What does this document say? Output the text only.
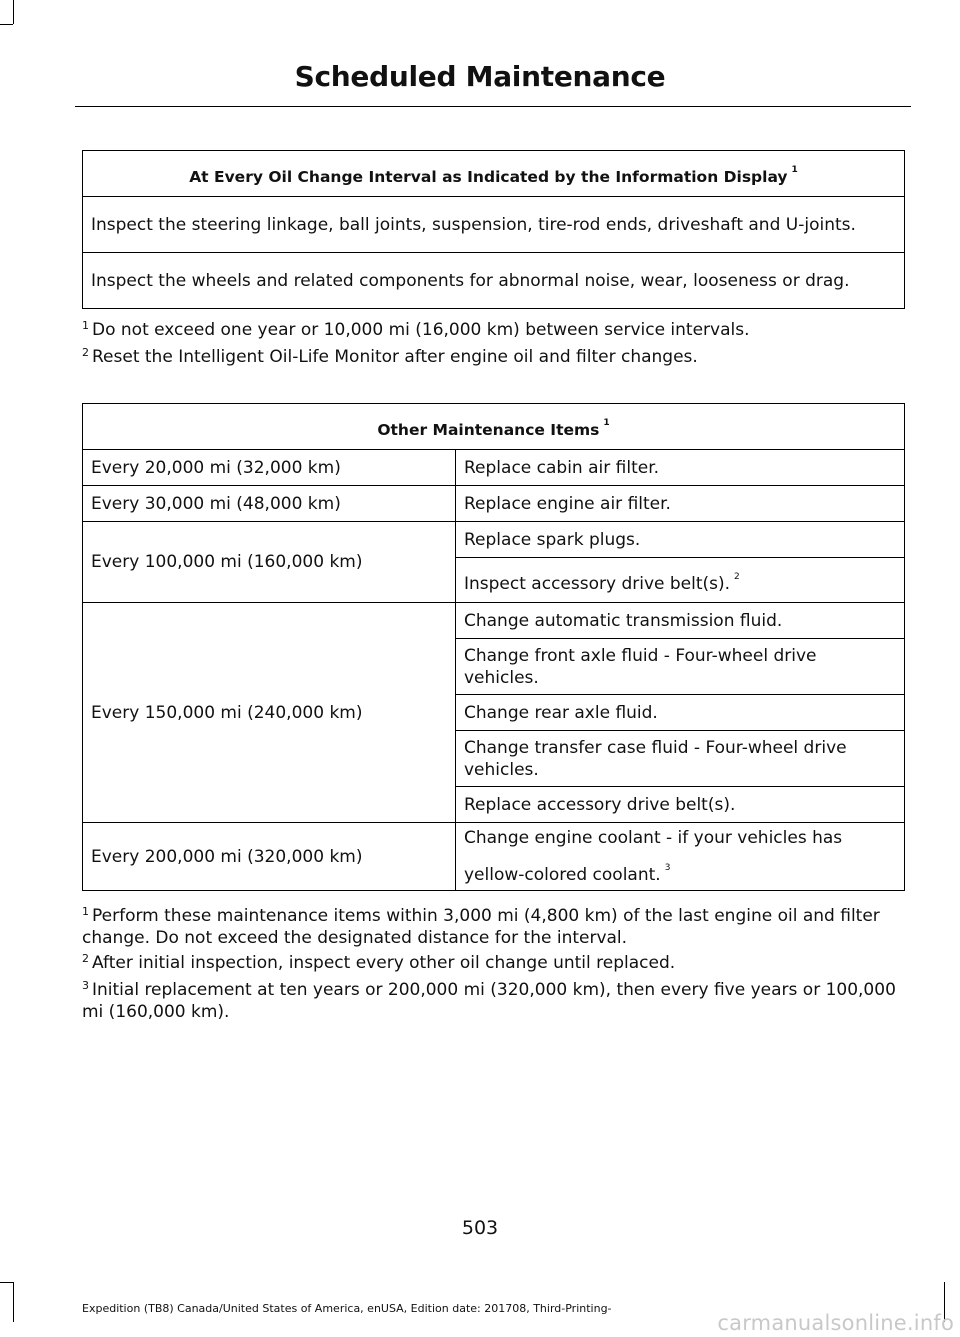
Scheduled Maintenance
At Every Oil Change Interval as Indicated by the Information Display $^1$
Inspect the steering linkage, ball joints, suspension, tire-rod ends, driveshaft and U-joints.
Inspect the wheels and related components for abnormal noise, wear, looseness or drag.
$^1$ Do not exceed one year or 10,000 mi (16,000 km) between service intervals.
$^2$ Reset the Intelligent Oil-Life Monitor after engine oil and filter changes.
Other Maintenance Items $^1$
Every 20,000 mi (32,000 km)	Replace cabin air filter.
Every 30,000 mi (48,000 km)	Replace engine air filter.
Every 100,000 mi (160,000 km)	Replace spark plugs.
	Inspect accessory drive belt(s). $^2$
Every 150,000 mi (240,000 km)	Change automatic transmission fluid.
	Change front axle fluid - Four-wheel drive vehicles.
	Change rear axle fluid.
	Change transfer case fluid - Four-wheel drive vehicles.
	Replace accessory drive belt(s).
Every 200,000 mi (320,000 km)	Change engine coolant - if your vehicles has yellow-colored coolant. $^3$
$^1$ Perform these maintenance items within 3,000 mi (4,800 km) of the last engine oil and filter change. Do not exceed the designated distance for the interval.
$^2$ After initial inspection, inspect every other oil change until replaced.
$^3$ Initial replacement at ten years or 200,000 mi (320,000 km), then every five years or 100,000 mi (160,000 km).
503
Expedition (TB8) Canada/United States of America, enUSA, Edition date: 201708, Third-Printing-
carmanualsonline.info
